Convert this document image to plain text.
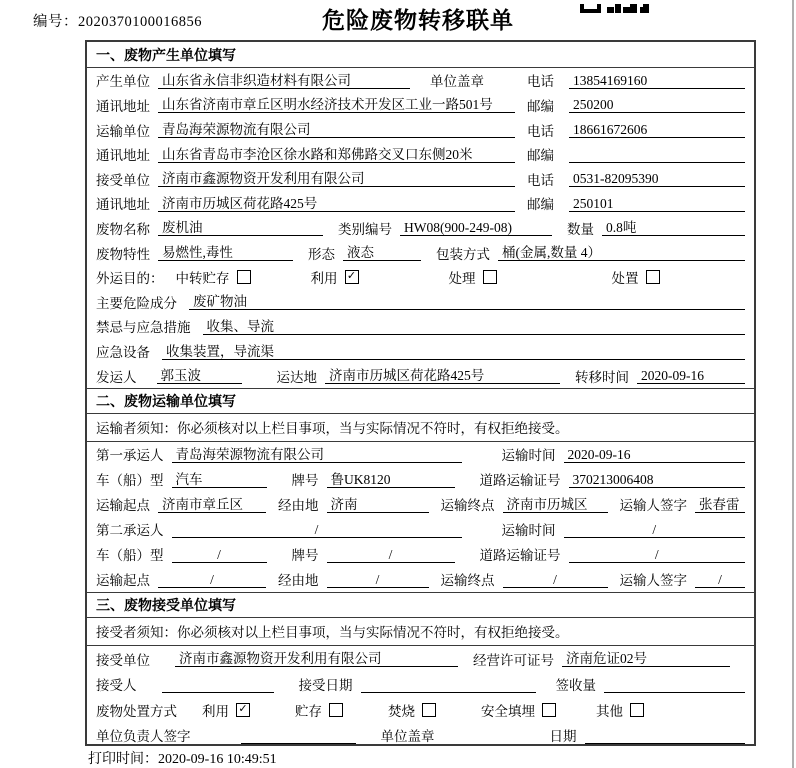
编号：2020370100016856	危险废物转移联单
一、废物产生单位填写
产生单位 山东省永信非织造材料有限公司	单位盖章	电话	13854169160
通讯地址 山东省济南市章丘区明水经济技术开发区工业一路501号	邮编	250200
运输单位 青岛海荣源物流有限公司	电话	18661672606
通讯地址 山东省青岛市李沧区徐水路和郑佛路交叉口东侧20米	邮编
接受单位 济南市鑫源物资开发利用有限公司	电话	0531-82095390
通讯地址 济南市历城区荷花路425号	邮编	250101
废物名称 废机油	类别编号 HW08(900-249-08)	数量 0.8吨
废物特性 易燃性,毒性	形态 液态	包装方式 桶(金属,数量 4）
外运目的： 中转贮存	利用 ✓	处理	处置
主要危险成分 废矿物油
禁忌与应急措施 收集、导流
应急设备 收集装置，导流渠
发运人 郭玉波	运达地 济南市历城区荷花路425号	转移时间 2020-09-16
二、废物运输单位填写
运输者须知：你必须核对以上栏目事项，当与实际情况不符时，有权拒绝接受。
第一承运人 青岛海荣源物流有限公司	运输时间 2020-09-16
车（船）型 汽车	牌号 鲁UK8120	道路运输证号 370213006408
运输起点 济南市章丘区	经由地 济南	运输终点 济南市历城区	运输人签字 张春雷
第二承运人	/	运输时间	/
车（船）型	/	牌号	/	道路运输证号	/
运输起点	/	经由地	/	运输终点	/	运输人签字	/
三、废物接受单位填写
接受者须知：你必须核对以上栏目事项，当与实际情况不符时，有权拒绝接受。
接受单位 济南市鑫源物资开发利用有限公司	经营许可证号 济南危证02号
接受人	接受日期	签收量
废物处置方式 利用 ✓	贮存	焚烧	安全填埋	其他
单位负责人签字	单位盖章	日期
打印时间：2020-09-16 10:49:51
